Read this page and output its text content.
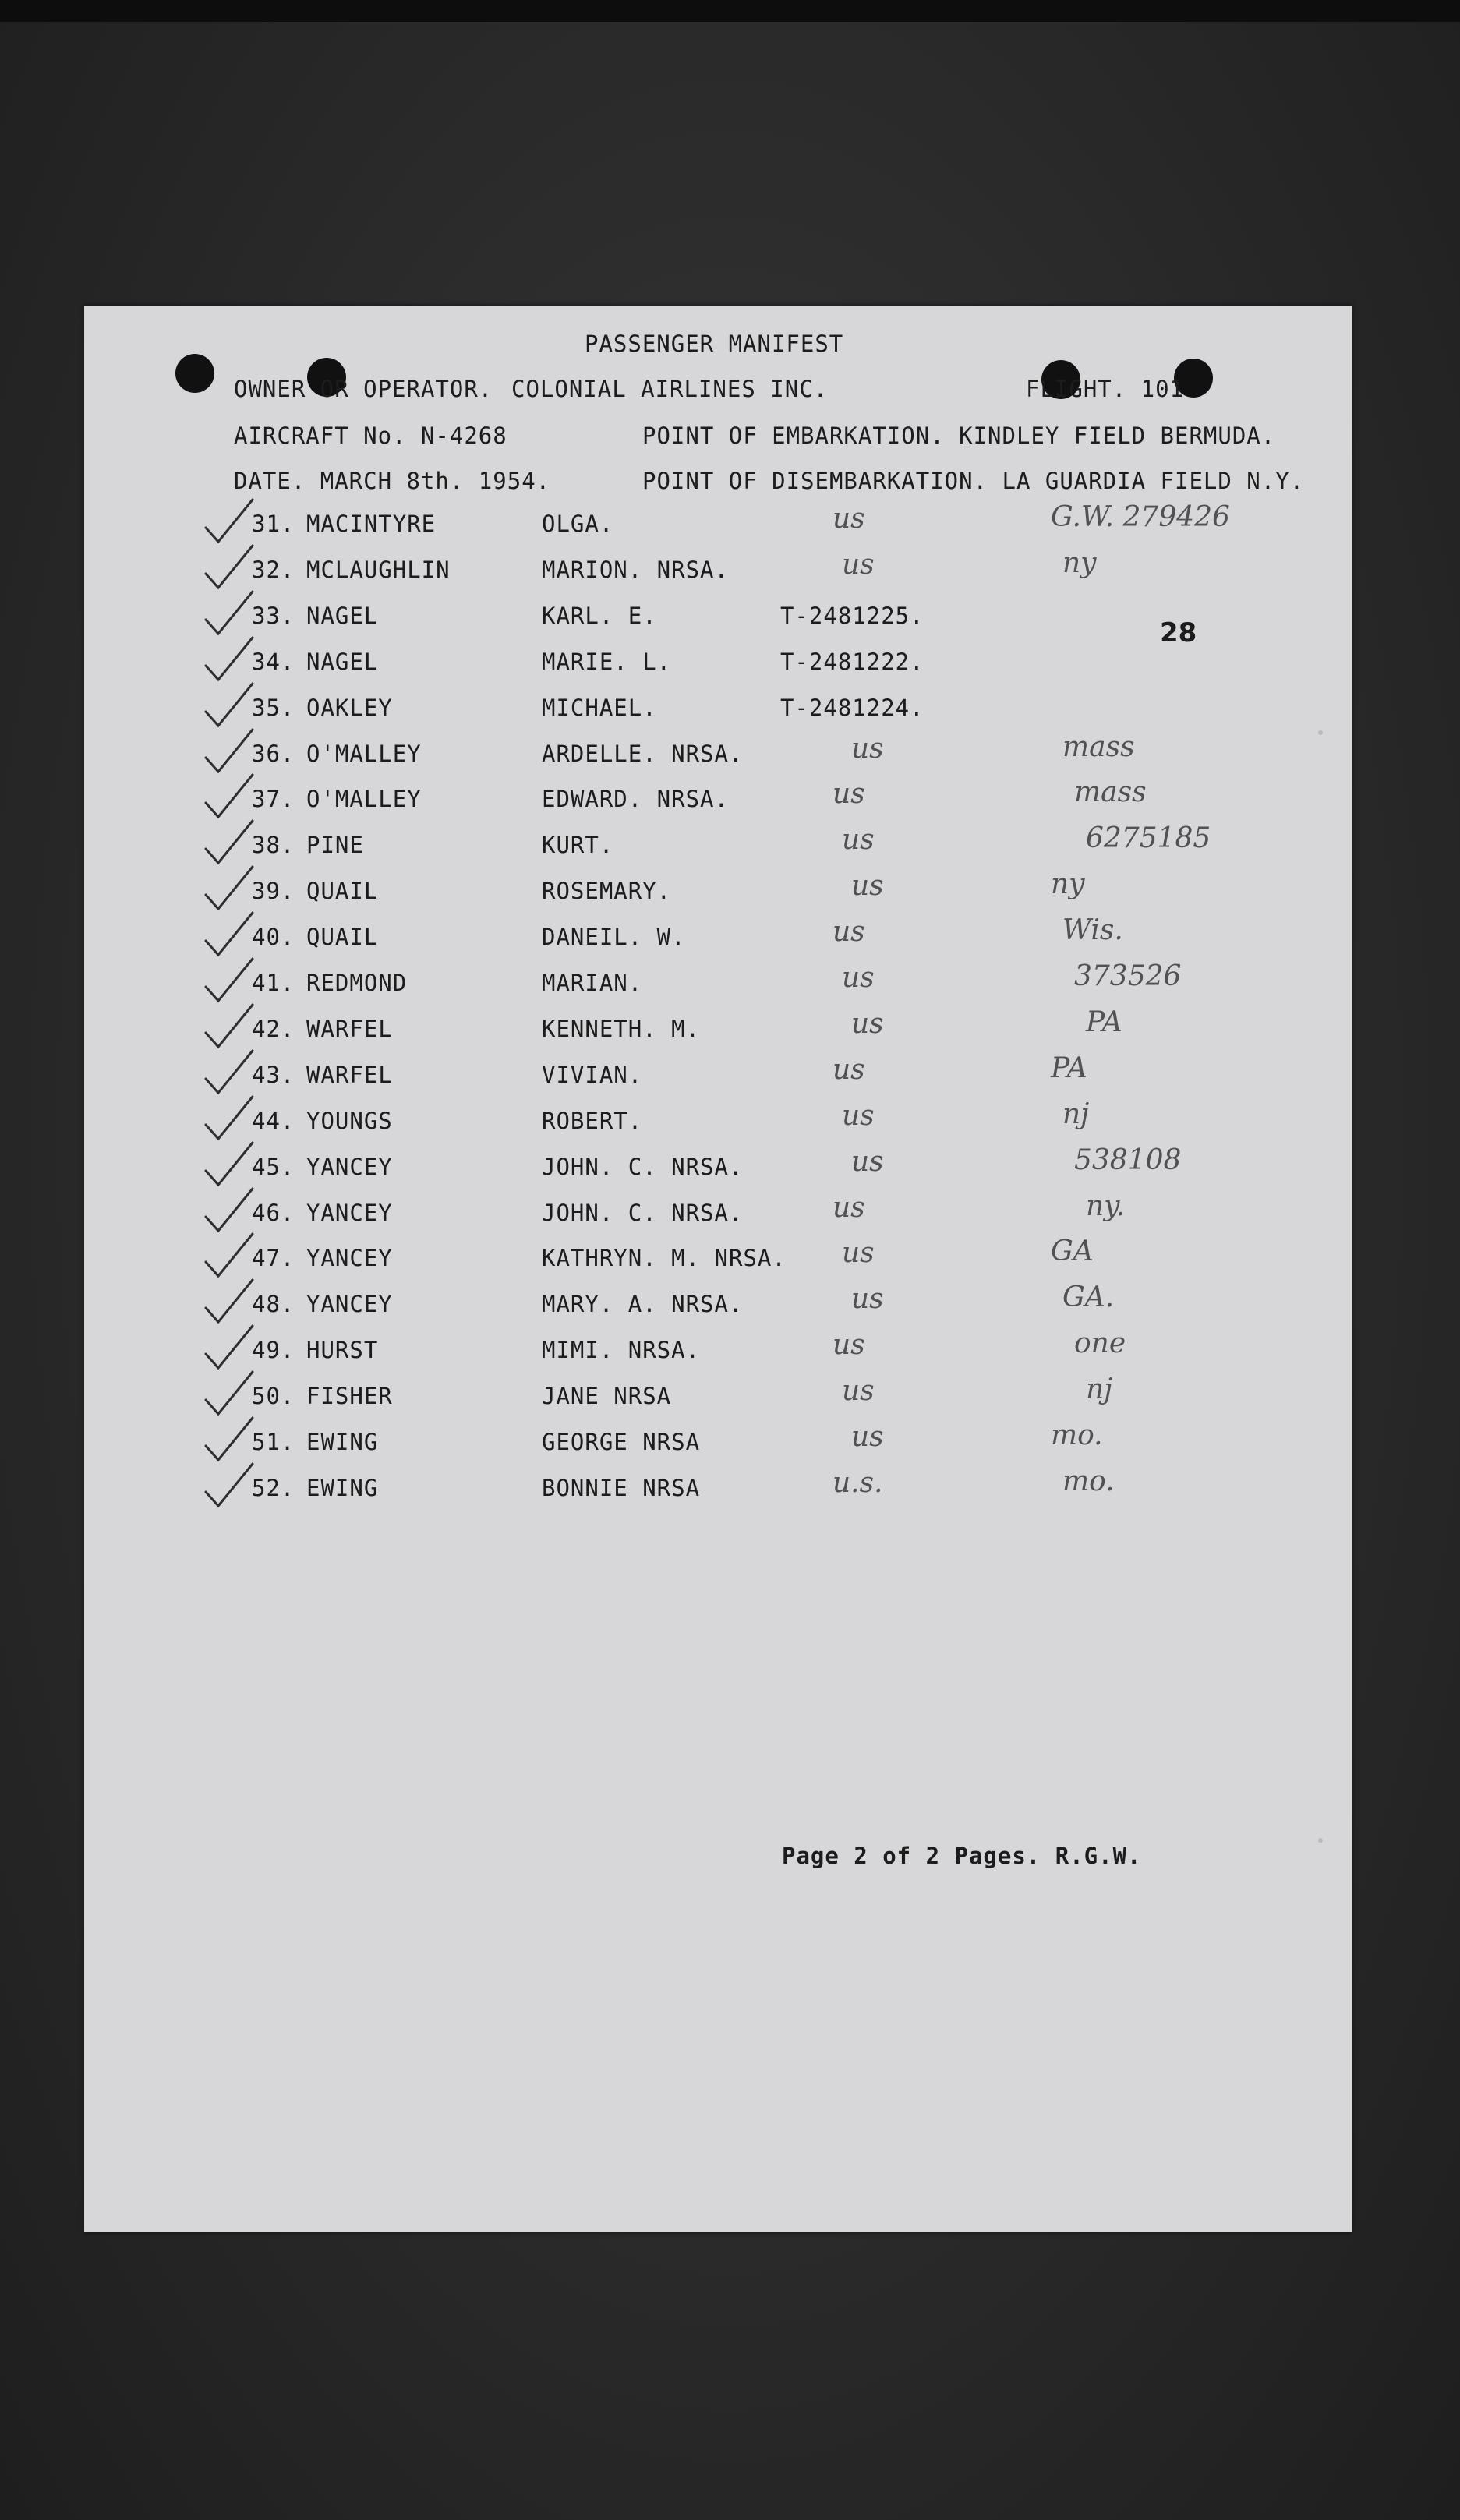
PASSENGER MANIFEST
OWNER OR OPERATOR. COLONIAL AIRLINES INC.	FLIGHT. 101
AIRCRAFT No. N-4268	POINT OF EMBARKATION. KINDLEY FIELD BERMUDA.
DATE. MARCH 8th. 1954.	POINT OF DISEMBARKATION. LA GUARDIA FIELD N.Y.
28
31. MACINTYRE	OLGA.	us	G.W. 279426
32. MCLAUGHLIN	MARION. NRSA.	us	ny
33. NAGEL	KARL. E.	T-2481225.
34. NAGEL	MARIE. L.	T-2481222.
35. OAKLEY	MICHAEL.	T-2481224.
36. O'MALLEY	ARDELLE. NRSA.	us	mass
37. O'MALLEY	EDWARD. NRSA.	us	mass
38. PINE	KURT.	us	6275185
39. QUAIL	ROSEMARY.	us	ny
40. QUAIL	DANEIL. W.	us	Wis.
41. REDMOND	MARIAN.	us	373526
42. WARFEL	KENNETH. M.	us	PA
43. WARFEL	VIVIAN.	us	PA
44. YOUNGS	ROBERT.	us	nj
45. YANCEY	JOHN. C. NRSA.	us	538108
46. YANCEY	JOHN. C. NRSA.	us	ny.
47. YANCEY	KATHRYN. M. NRSA. us	GA
48. YANCEY	MARY. A. NRSA.	us	GA.
49. HURST	MIMI. NRSA.	us	one
50. FISHER	JANE NRSA	us	nj
51. EWING	GEORGE NRSA	us	mo.
52. EWING	BONNIE NRSA	u.s.	mo.
Page 2 of 2 Pages. R.G.W.
